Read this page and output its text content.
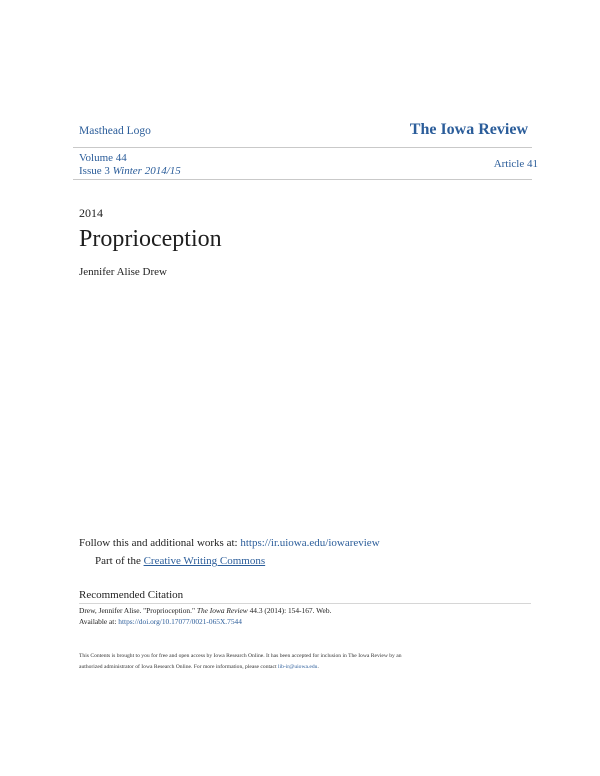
Masthead Logo	The Iowa Review
Volume 44
Issue 3 Winter 2014/15
Article 41
2014
Proprioception
Jennifer Alise Drew
Follow this and additional works at: https://ir.uiowa.edu/iowareview
Part of the Creative Writing Commons
Recommended Citation
Drew, Jennifer Alise. "Proprioception." The Iowa Review 44.3 (2014): 154-167. Web.
Available at: https://doi.org/10.17077/0021-065X.7544
This Contents is brought to you for free and open access by Iowa Research Online. It has been accepted for inclusion in The Iowa Review by an
authorized administrator of Iowa Research Online. For more information, please contact lib-ir@uiowa.edu.
